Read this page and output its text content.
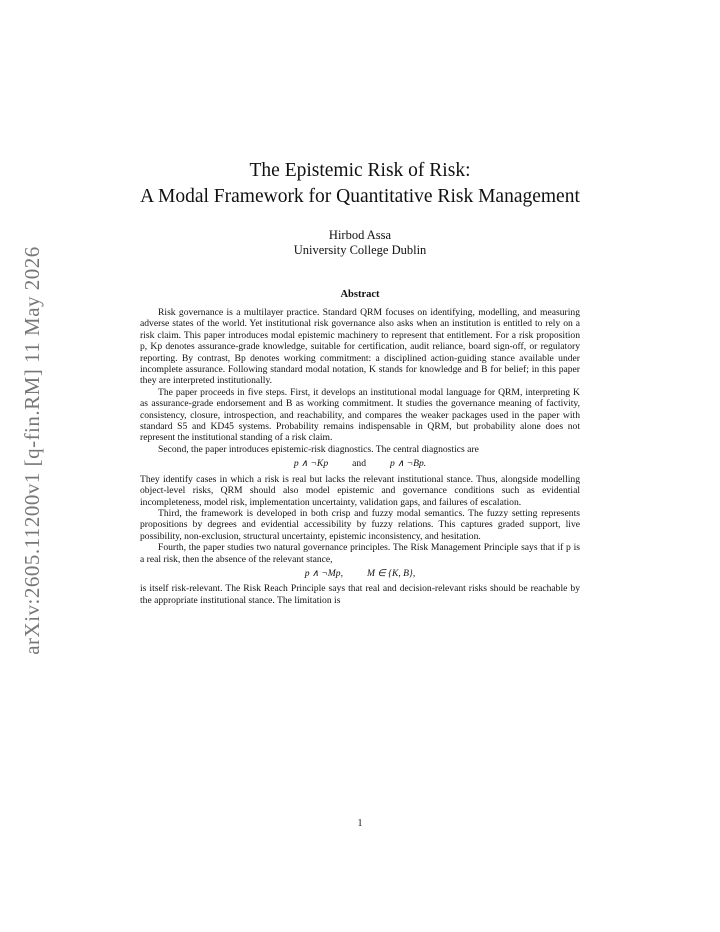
arXiv:2605.11200v1 [q-fin.RM] 11 May 2026
The Epistemic Risk of Risk:
A Modal Framework for Quantitative Risk Management
Hirbod Assa
University College Dublin
Abstract

Risk governance is a multilayer practice. Standard QRM focuses on identifying, modelling, and measuring adverse states of the world. Yet institutional risk governance also asks when an institution is entitled to rely on a risk claim. This paper introduces modal epistemic machinery to represent that entitlement. For a risk proposition p, Kp denotes assurance-grade knowledge, suitable for certification, audit reliance, board sign-off, or regulatory reporting. By contrast, Bp denotes working commitment: a disciplined action-guiding stance available under incomplete assurance. Following standard modal notation, K stands for knowledge and B for belief; in this paper they are interpreted institutionally.

The paper proceeds in five steps. First, it develops an institutional modal language for QRM, interpreting K as assurance-grade endorsement and B as working commitment. It studies the governance meaning of factivity, consistency, closure, introspection, and reachability, and compares the weaker packages used in the paper with standard S5 and KD45 systems. Probability remains indispensable in QRM, but probability alone does not represent the institutional standing of a risk claim.

Second, the paper introduces epistemic-risk diagnostics. The central diagnostics are

p ∧ ¬Kp	and	p ∧ ¬Bp.

They identify cases in which a risk is real but lacks the relevant institutional stance. Thus, alongside modelling object-level risks, QRM should also model epistemic and governance conditions such as evidential incompleteness, model risk, implementation uncertainty, validation gaps, and failures of escalation.

Third, the framework is developed in both crisp and fuzzy modal semantics. The fuzzy setting represents propositions by degrees and evidential accessibility by fuzzy relations. This captures graded support, live possibility, non-exclusion, structural uncertainty, epistemic inconsistency, and hesitation.

Fourth, the paper studies two natural governance principles. The Risk Management Principle says that if p is a real risk, then the absence of the relevant stance,

p ∧ ¬Mp,	M ∈ {K, B},

is itself risk-relevant. The Risk Reach Principle says that real and decision-relevant risks should be reachable by the appropriate institutional stance. The limitation is

1
